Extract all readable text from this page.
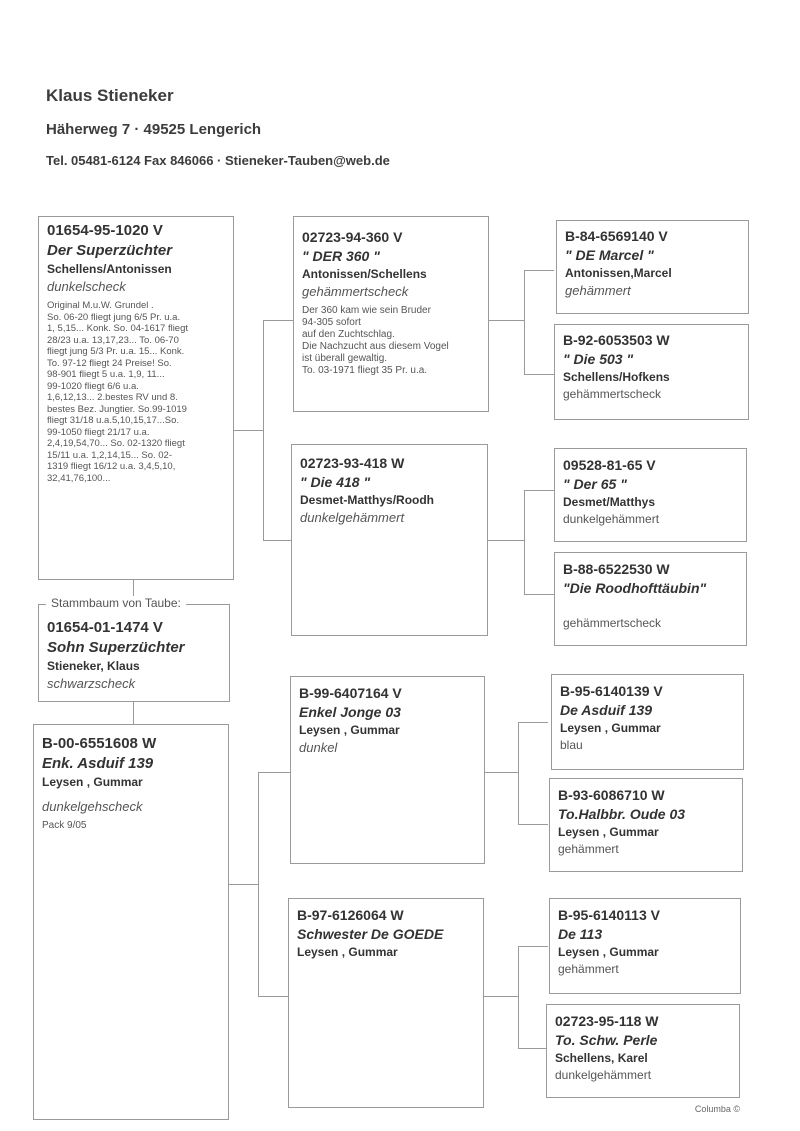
Klaus Stieneker
Häherweg 7 · 49525 Lengerich
Tel. 05481-6124 Fax 846066 · Stieneker-Tauben@web.de
01654-95-1020 V
Der Superzüchter
Schellens/Antonissen
dunkelscheck
Original M.u.W. Grundel .
So. 06-20 fliegt jung 6/5 Pr. u.a.
1, 5,15... Konk. So. 04-1617 fliegt
28/23 u.a. 13,17,23... To. 06-70
fliegt jung 5/3 Pr. u.a. 15... Konk.
To. 97-12 fliegt 24 Preise! So.
98-901 fliegt 5 u.a. 1,9, 11...
99-1020 fliegt 6/6 u.a.
1,6,12,13... 2.bestes RV und 8.
bestes Bez. Jungtier. So.99-1019
fliegt 31/18 u.a.5,10,15,17...So.
99-1050 fliegt 21/17 u.a.
2,4,19,54,70... So. 02-1320 fliegt
15/11 u.a. 1,2,14,15... So. 02-
1319 fliegt 16/12 u.a. 3,4,5,10,
32,41,76,100...
01654-01-1474 V
Sohn Superzüchter
Stieneker, Klaus
schwarzscheck
Stammbaum von Taube:
B-00-6551608 W
Enk. Asduif 139
Leysen , Gummar
dunkelgehscheck
Pack 9/05
02723-94-360 V
" DER 360 "
Antonissen/Schellens
gehämmertscheck
Der 360 kam wie sein Bruder
94-305 sofort
auf den Zuchtschlag.
Die Nachzucht aus diesem Vogel
ist überall gewaltig.
To. 03-1971 fliegt 35 Pr. u.a.
02723-93-418 W
" Die 418 "
Desmet-Matthys/Roodh
dunkelgehämmert
B-99-6407164 V
Enkel Jonge 03
Leysen , Gummar
dunkel
B-97-6126064 W
Schwester De GOEDE
Leysen , Gummar
B-84-6569140 V
" DE Marcel "
Antonissen,Marcel
gehämmert
B-92-6053503 W
" Die 503 "
Schellens/Hofkens
gehämmertscheck
09528-81-65 V
" Der 65 "
Desmet/Matthys
dunkelgehämmert
B-88-6522530 W
"Die Roodhofttäubin"
gehämmertscheck
B-95-6140139 V
De Asduif 139
Leysen , Gummar
blau
B-93-6086710 W
To.Halbbr. Oude 03
Leysen , Gummar
gehämmert
B-95-6140113 V
De 113
Leysen , Gummar
gehämmert
02723-95-118 W
To. Schw. Perle
Schellens, Karel
dunkelgehämmert
Columba ©
